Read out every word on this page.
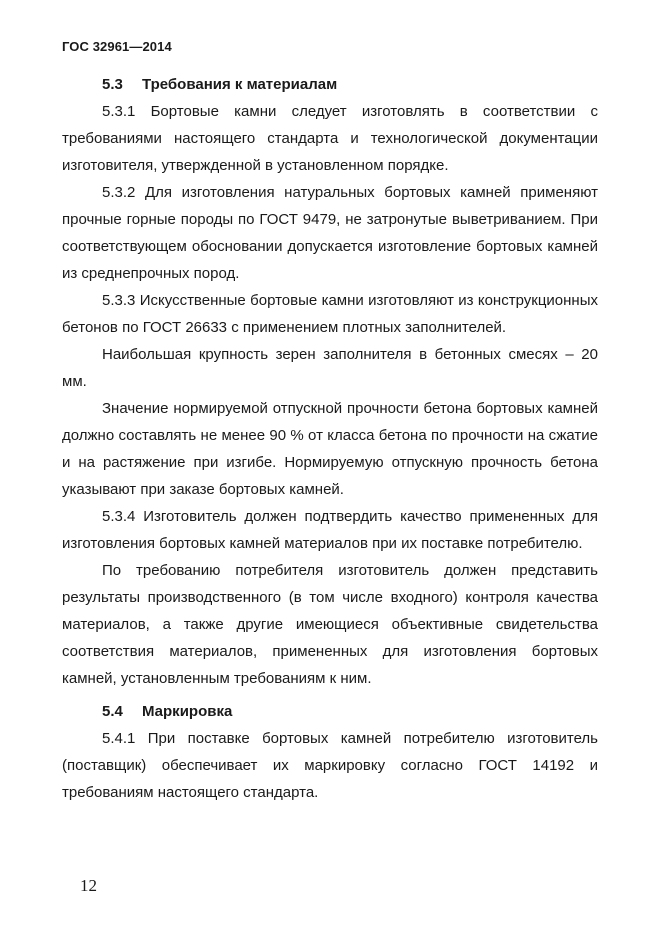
ГОС 32961—2014
5.3 Требования к материалам

5.3.1 Бортовые камни следует изготовлять в соответствии с требованиями настоящего стандарта и технологической документации изготовителя, утвержденной в установленном порядке.

5.3.2 Для изготовления натуральных бортовых камней применяют прочные горные породы по ГОСТ 9479, не затронутые выветриванием. При соответствующем обосновании допускается изготовление бортовых камней из среднепрочных пород.

5.3.3 Искусственные бортовые камни изготовляют из конструкционных бетонов по ГОСТ 26633 с применением плотных заполнителей.

Наибольшая крупность зерен заполнителя в бетонных смесях – 20 мм.

Значение нормируемой отпускной прочности бетона бортовых камней должно составлять не менее 90 % от класса бетона по прочности на сжатие и на растяжение при изгибе. Нормируемую отпускную прочность бетона указывают при заказе бортовых камней.

5.3.4 Изготовитель должен подтвердить качество примененных для изготовления бортовых камней материалов при их поставке потребителю.

По требованию потребителя изготовитель должен представить результаты производственного (в том числе входного) контроля качества материалов, а также другие имеющиеся объективные свидетельства соответствия материалов, примененных для изготовления бортовых камней, установленным требованиям к ним.

5.4 Маркировка

5.4.1 При поставке бортовых камней потребителю изготовитель (поставщик) обеспечивает их маркировку согласно ГОСТ 14192 и требованиям настоящего стандарта.

12
